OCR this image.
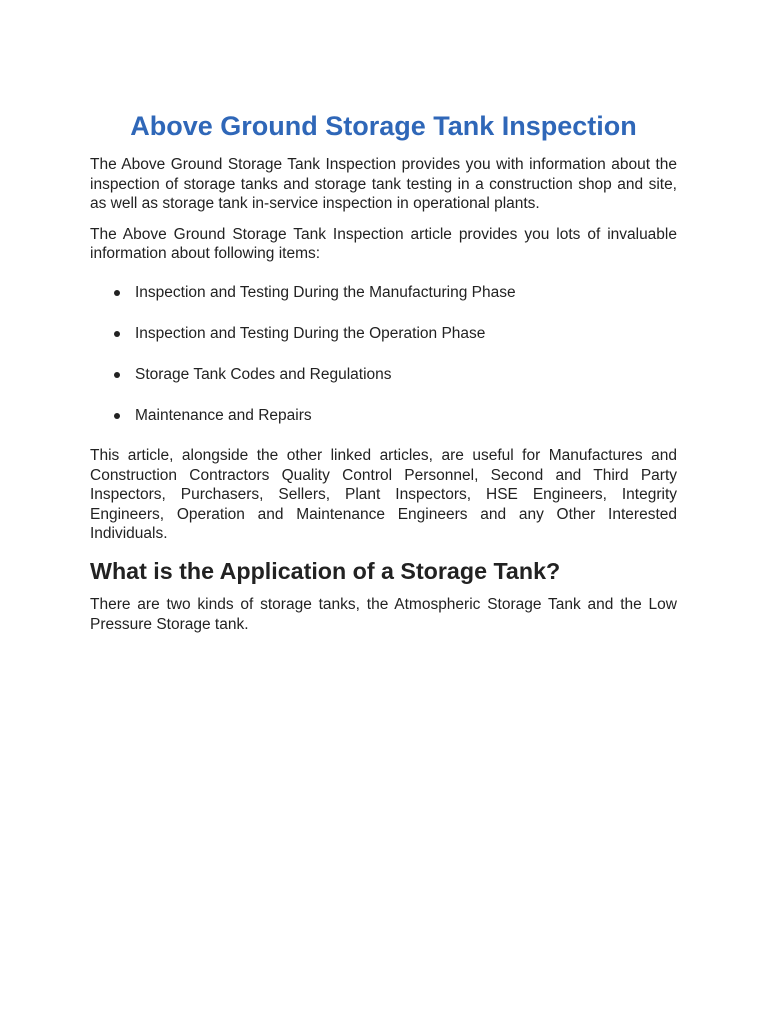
Above Ground Storage Tank Inspection

The Above Ground Storage Tank Inspection provides you with information about the inspection of storage tanks and storage tank testing in a construction shop and site, as well as storage tank in-service inspection in operational plants.

The Above Ground Storage Tank Inspection article provides you lots of invaluable information about following items:

Inspection and Testing During the Manufacturing Phase
Inspection and Testing During the Operation Phase
Storage Tank Codes and Regulations
Maintenance and Repairs

This article, alongside the other linked articles, are useful for Manufactures and Construction Contractors Quality Control Personnel, Second and Third Party Inspectors, Purchasers, Sellers, Plant Inspectors, HSE Engineers, Integrity Engineers, Operation and Maintenance Engineers and any Other Interested Individuals.

What is the Application of a Storage Tank?

There are two kinds of storage tanks, the Atmospheric Storage Tank and the Low Pressure Storage tank.
